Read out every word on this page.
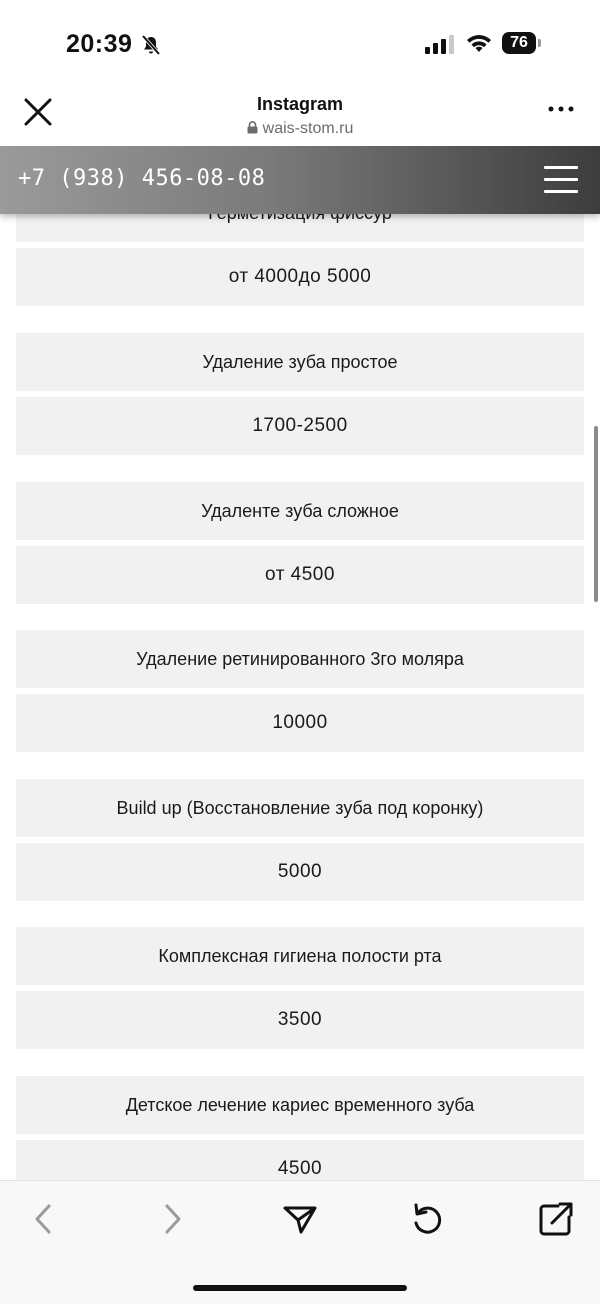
от 4000до 5000
Удаление зуба простое
1700-2500
Удаленте зуба сложное
от 4500
Удаление ретинированного 3го моляра
10000
Build up (Восстановление зуба под коронку)
5000
Комплексная гигиена полости рта
3500
Детское лечение кариес временного зуба
4500
20:39	76
Instagram
wais-stom.ru
+7 (938) 456-08-08
